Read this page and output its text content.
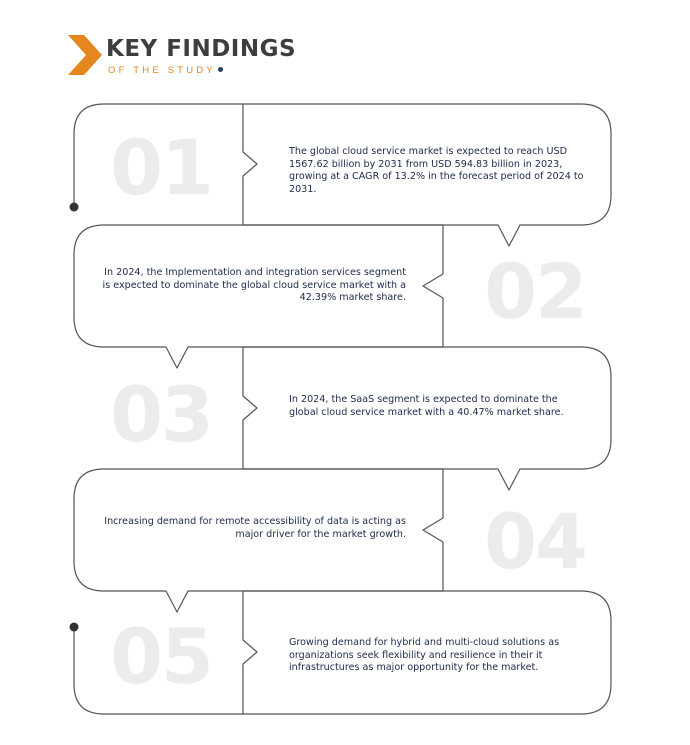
KEY FINDINGS
OF THE STUDY
01
02
03
04
05
The global cloud service market is expected to reach USD 1567.62 billion by 2031 from USD 594.83 billion in 2023, growing at a CAGR of 13.2% in the forecast period of 2024 to 2031.
In 2024, the Implementation and integration services segment is expected to dominate the global cloud service market with a 42.39% market share.
In 2024, the SaaS segment is expected to dominate the global cloud service market with a 40.47% market share.
Increasing demand for remote accessibility of data is acting as major driver for the market growth.
Growing demand for hybrid and multi-cloud solutions as organizations seek flexibility and resilience in their it infrastructures as major opportunity for the market.
